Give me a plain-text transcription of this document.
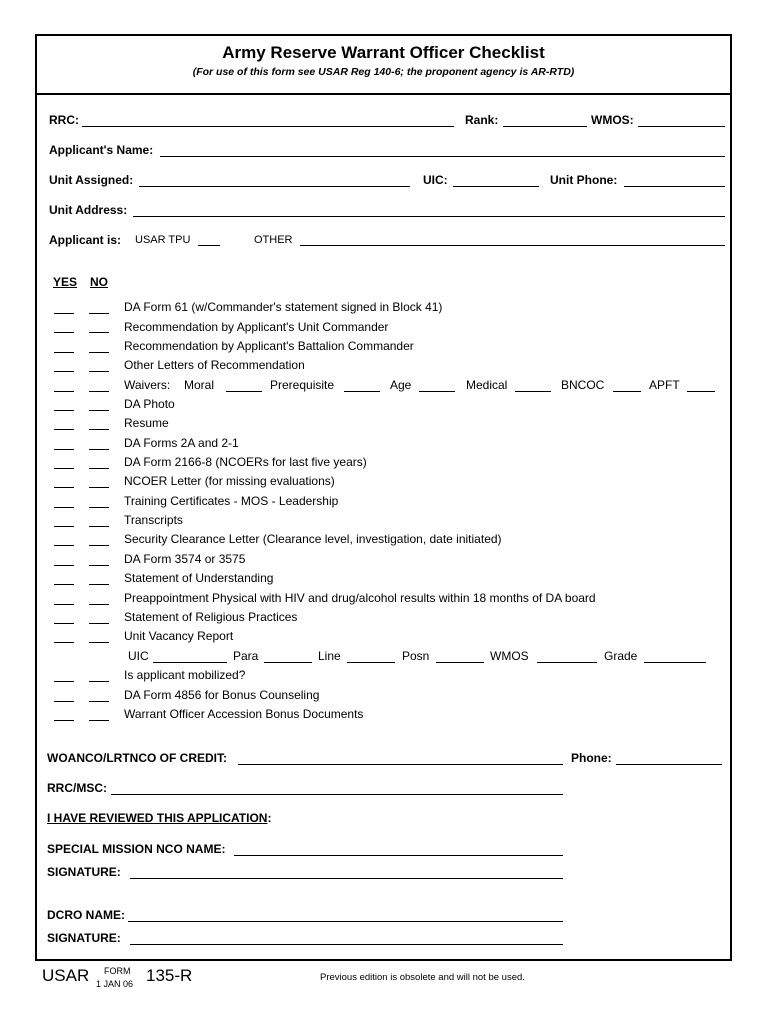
Army Reserve Warrant Officer Checklist
(For use of this form see USAR Reg 140-6; the proponent agency is AR-RTD)
RRC:	Rank:	WMOS:
Applicant's Name:
Unit Assigned:	UIC:	Unit Phone:
Unit Address:
Applicant is: USAR TPU	OTHER
YES NO
DA Form 61 (w/Commander's statement signed in Block 41)
Recommendation by Applicant's Unit Commander
Recommendation by Applicant's Battalion Commander
Other Letters of Recommendation
Waivers: Moral	Prerequisite	Age	Medical	BNCOC	APFT
DA Photo
Resume
DA Forms 2A and 2-1
DA Form 2166-8 (NCOERs for last five years)
NCOER Letter (for missing evaluations)
Training Certificates - MOS - Leadership
Transcripts
Security Clearance Letter (Clearance level, investigation, date initiated)
DA Form 3574 or 3575
Statement of Understanding
Preappointment Physical with HIV and drug/alcohol results within 18 months of DA board
Statement of Religious Practices
Unit Vacancy Report
UIC	Para	Line	Posn	WMOS	Grade
Is applicant mobilized?
DA Form 4856 for Bonus Counseling
Warrant Officer Accession Bonus Documents
WOANCO/LRTNCO OF CREDIT:	Phone:
RRC/MSC:
I HAVE REVIEWED THIS APPLICATION:
SPECIAL MISSION NCO NAME:
SIGNATURE:
DCRO NAME:
SIGNATURE:
USAR FORM
1 JAN 06 135-R	Previous edition is obsolete and will not be used.
